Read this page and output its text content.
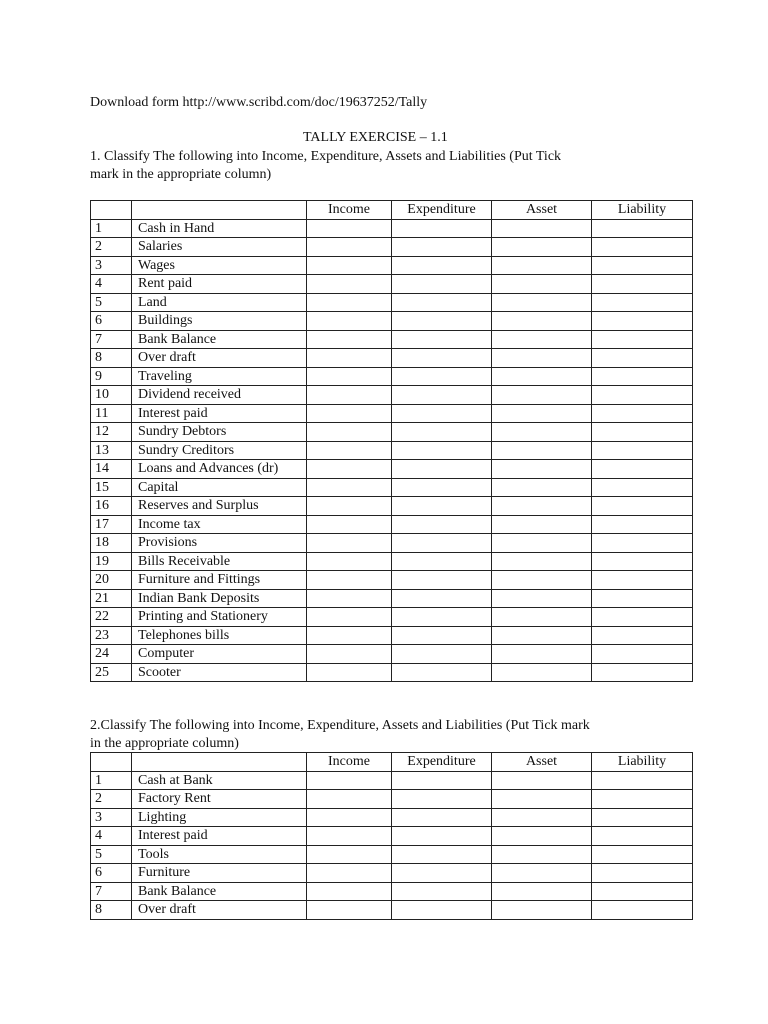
Download form http://www.scribd.com/doc/19637252/Tally
TALLY EXERCISE – 1.1
1. Classify The following into Income, Expenditure, Assets and Liabilities (Put Tick
mark in the appropriate column)
		Income	Expenditure	Asset	Liability
1	Cash in Hand				
2	Salaries				
3	Wages				
4	Rent paid				
5	Land				
6	Buildings				
7	Bank Balance				
8	Over draft				
9	Traveling				
10	Dividend received				
11	Interest paid				
12	Sundry Debtors				
13	Sundry Creditors				
14	Loans and Advances (dr)				
15	Capital				
16	Reserves and Surplus				
17	Income tax				
18	Provisions				
19	Bills Receivable				
20	Furniture and Fittings				
21	Indian Bank Deposits				
22	Printing and Stationery				
23	Telephones bills				
24	Computer				
25	Scooter				
2.Classify The following into Income, Expenditure, Assets and Liabilities (Put Tick mark
in the appropriate column)
		Income	Expenditure	Asset	Liability
1	Cash at Bank				
2	Factory Rent				
3	Lighting				
4	Interest paid				
5	Tools				
6	Furniture				
7	Bank Balance				
8	Over draft				
